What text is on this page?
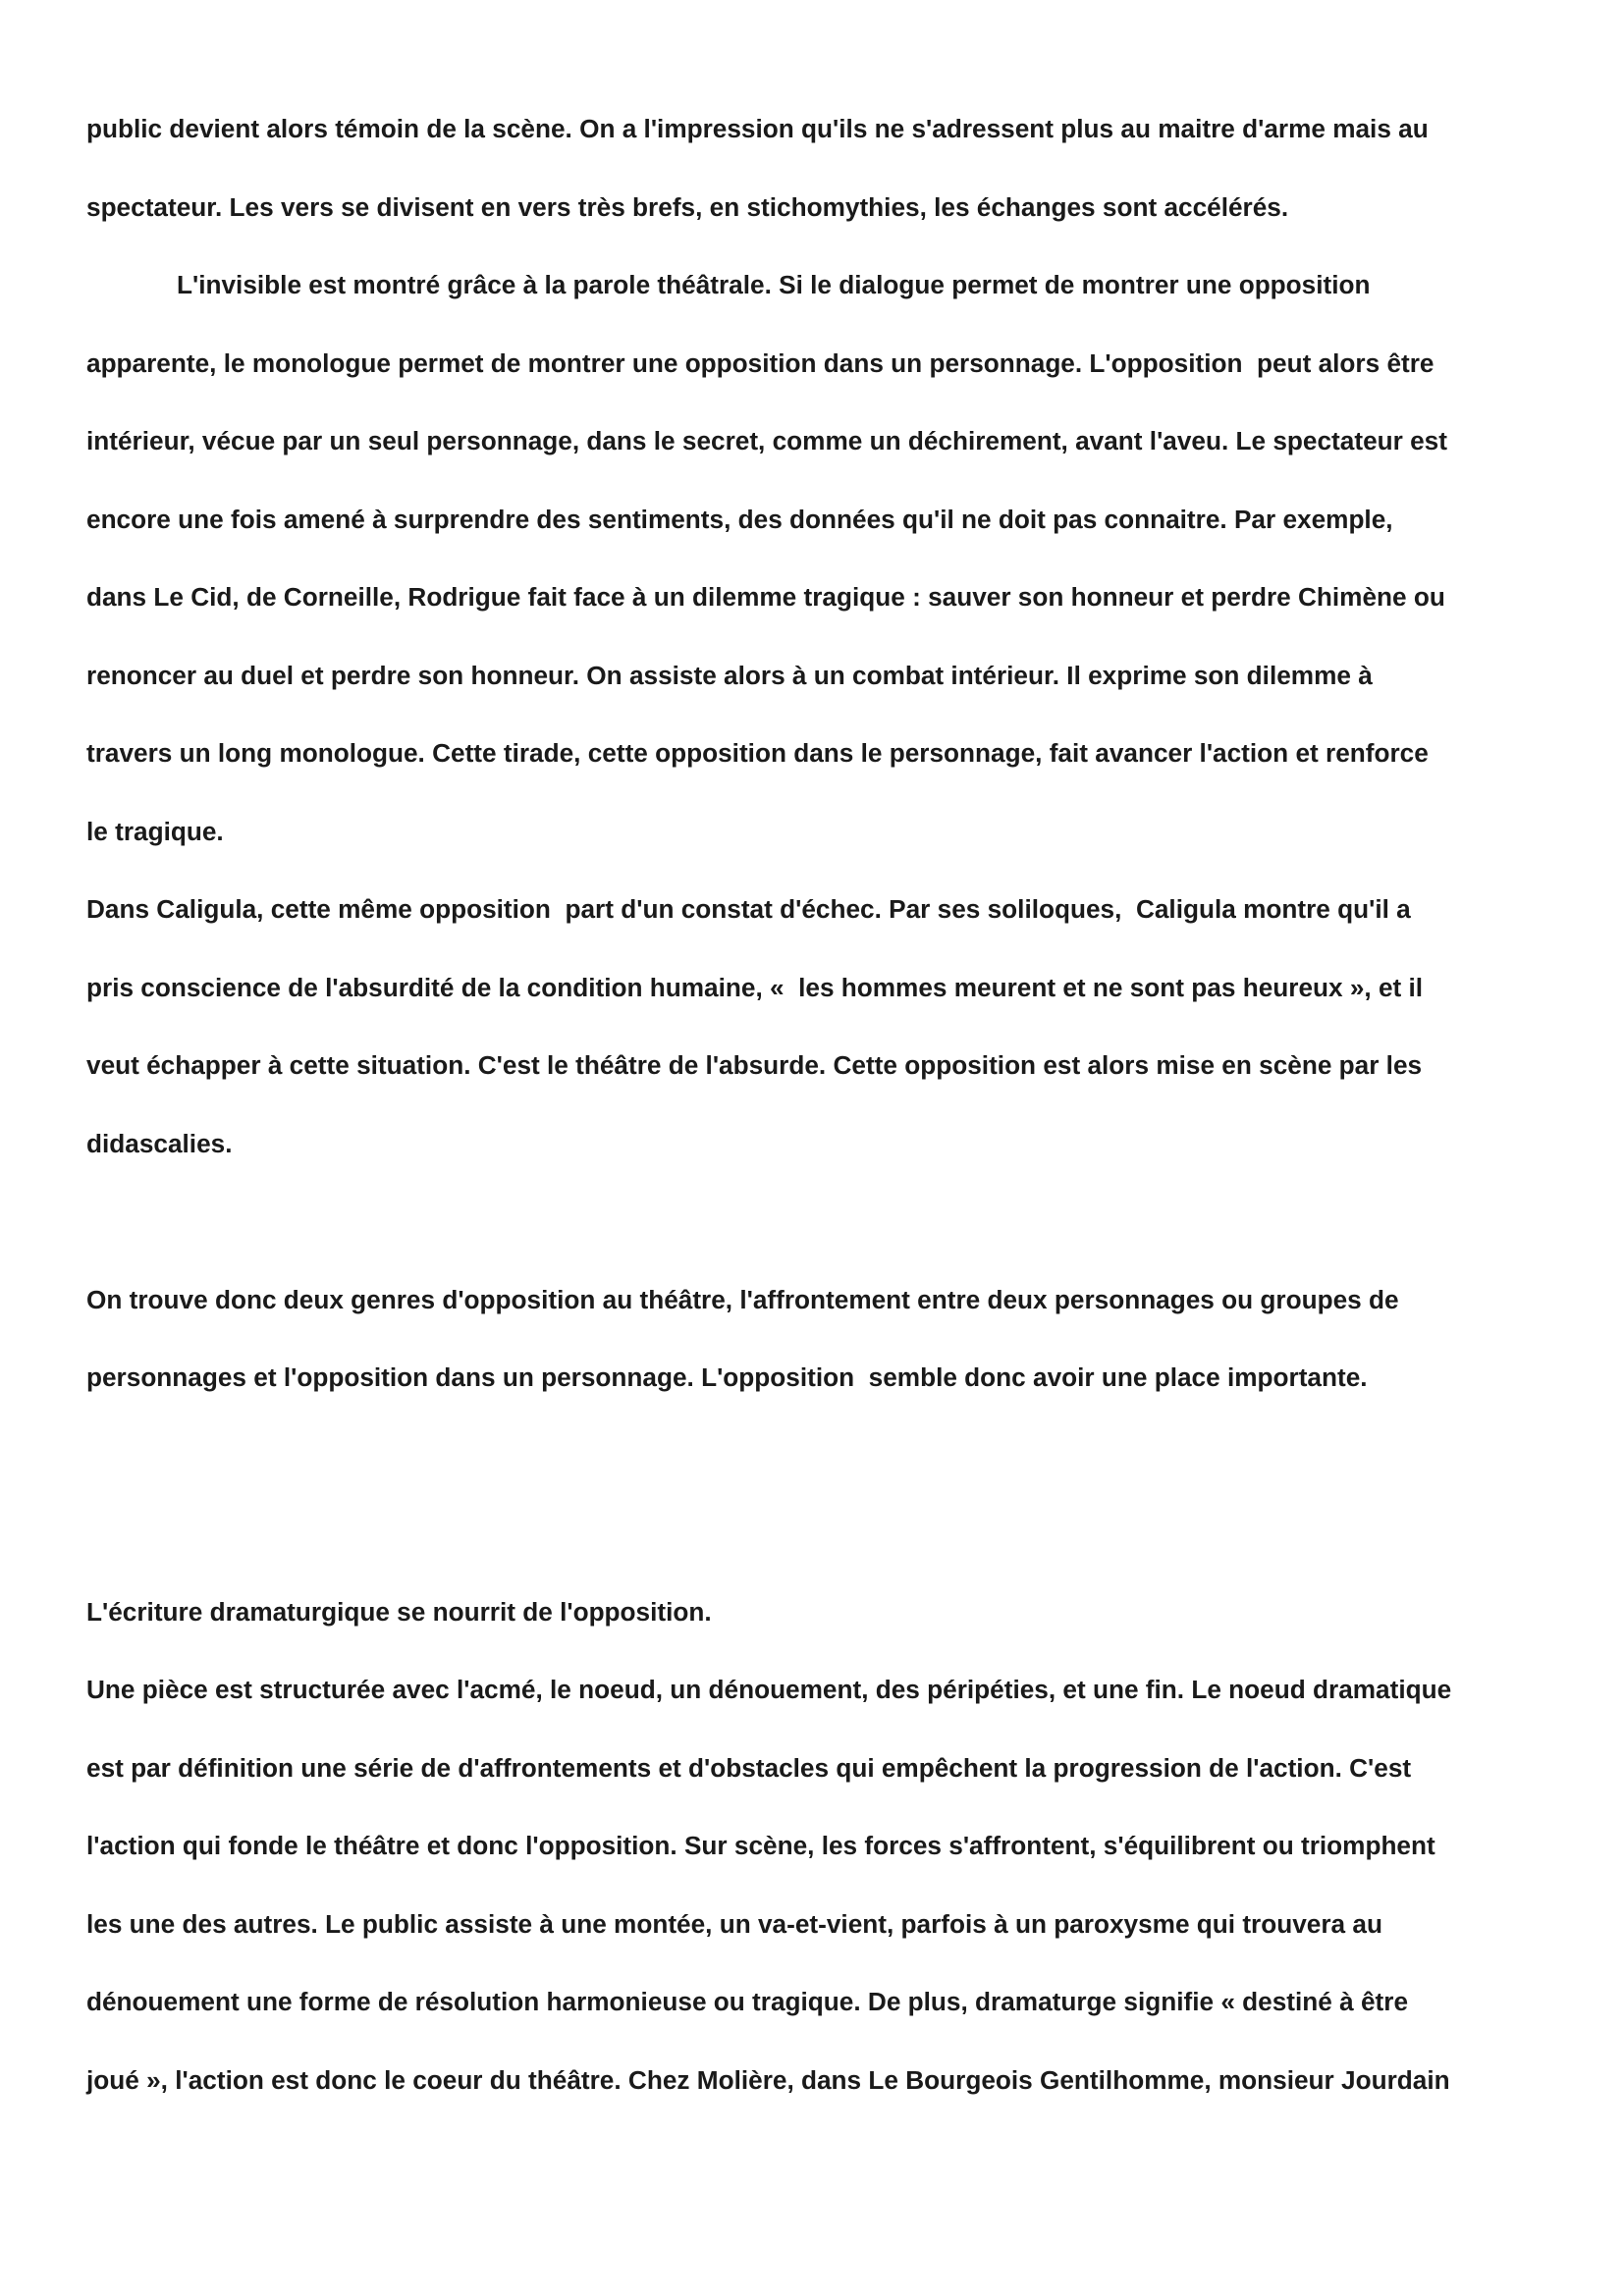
public devient alors témoin de la scène. On a l'impression qu'ils ne s'adressent plus au maitre d'arme mais au
spectateur. Les vers se divisent en vers très brefs, en stichomythies, les échanges sont accélérés.

L'invisible est montré grâce à la parole théâtrale. Si le dialogue permet de montrer une opposition
apparente, le monologue permet de montrer une opposition dans un personnage. L'opposition  peut alors être
intérieur, vécue par un seul personnage, dans le secret, comme un déchirement, avant l'aveu. Le spectateur est
encore une fois amené à surprendre des sentiments, des données qu'il ne doit pas connaitre. Par exemple,
dans Le Cid, de Corneille, Rodrigue fait face à un dilemme tragique : sauver son honneur et perdre Chimène ou
renoncer au duel et perdre son honneur. On assiste alors à un combat intérieur. Il exprime son dilemme à
travers un long monologue. Cette tirade, cette opposition dans le personnage, fait avancer l'action et renforce
le tragique.

Dans Caligula, cette même opposition  part d'un constat d'échec. Par ses soliloques,  Caligula montre qu'il a
pris conscience de l'absurdité de la condition humaine, «  les hommes meurent et ne sont pas heureux », et il
veut échapper à cette situation. C'est le théâtre de l'absurde. Cette opposition est alors mise en scène par les
didascalies.

On trouve donc deux genres d'opposition au théâtre, l'affrontement entre deux personnages ou groupes de
personnages et l'opposition dans un personnage. L'opposition  semble donc avoir une place importante.

L'écriture dramaturgique se nourrit de l'opposition.

Une pièce est structurée avec l'acmé, le noeud, un dénouement, des péripéties, et une fin. Le noeud dramatique
est par définition une série de d'affrontements et d'obstacles qui empêchent la progression de l'action. C'est
l'action qui fonde le théâtre et donc l'opposition. Sur scène, les forces s'affrontent, s'équilibrent ou triomphent
les une des autres. Le public assiste à une montée, un va-et-vient, parfois à un paroxysme qui trouvera au
dénouement une forme de résolution harmonieuse ou tragique. De plus, dramaturge signifie « destiné à être
joué », l'action est donc le coeur du théâtre. Chez Molière, dans Le Bourgeois Gentilhomme, monsieur Jourdain
